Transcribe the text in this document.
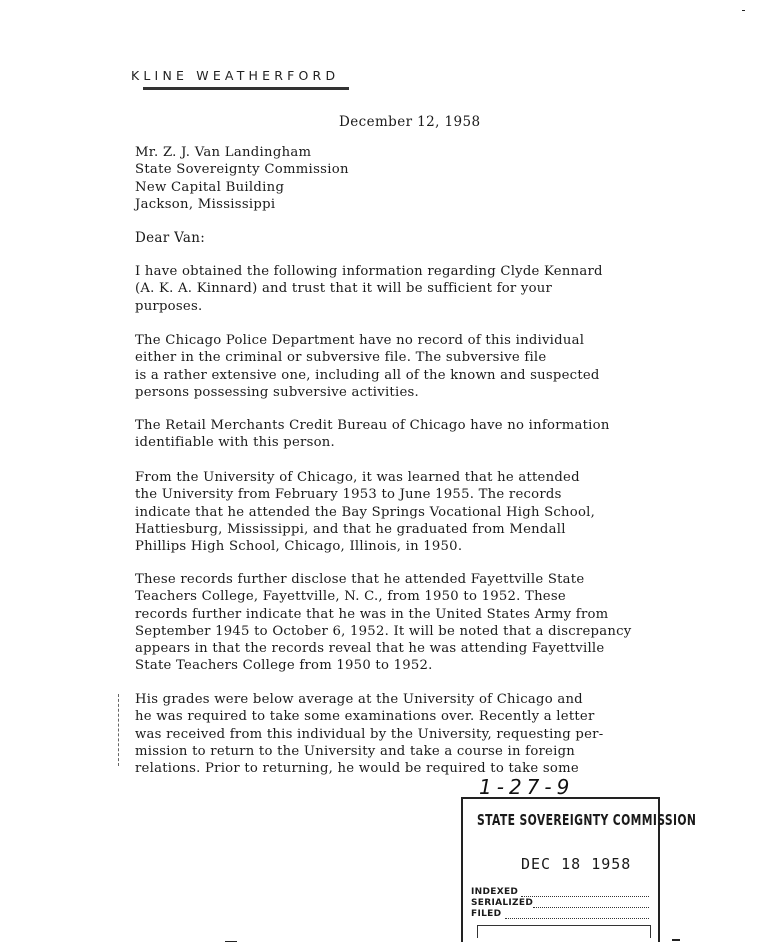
KLINE WEATHERFORD
December 12, 1958
Mr. Z. J. Van Landingham
State Sovereignty Commission
New Capital Building
Jackson, Mississippi
Dear Van:
I have obtained the following information regarding Clyde Kennard
(A. K. A. Kinnard) and trust that it will be sufficient for your
purposes.
The Chicago Police Department have no record of this individual
either in the criminal or subversive file. The subversive file
is a rather extensive one, including all of the known and suspected
persons possessing subversive activities.
The Retail Merchants Credit Bureau of Chicago have no information
identifiable with this person.
From the University of Chicago, it was learned that he attended
the University from February 1953 to June 1955. The records
indicate that he attended the Bay Springs Vocational High School,
Hattiesburg, Mississippi, and that he graduated from Mendall
Phillips High School, Chicago, Illinois, in 1950.
These records further disclose that he attended Fayettville State
Teachers College, Fayettville, N. C., from 1950 to 1952. These
records further indicate that he was in the United States Army from
September 1945 to October 6, 1952. It will be noted that a discrepancy
appears in that the records reveal that he was attending Fayettville
State Teachers College from 1950 to 1952.
His grades were below average at the University of Chicago and
he was required to take some examinations over. Recently a letter
was received from this individual by the University, requesting per-
mission to return to the University and take a course in foreign
relations. Prior to returning, he would be required to take some
1-27-9
STATE SOVEREIGNTY COMMISSION
DEC 18 1958
INDEXED
SERIALIZED
FILED
